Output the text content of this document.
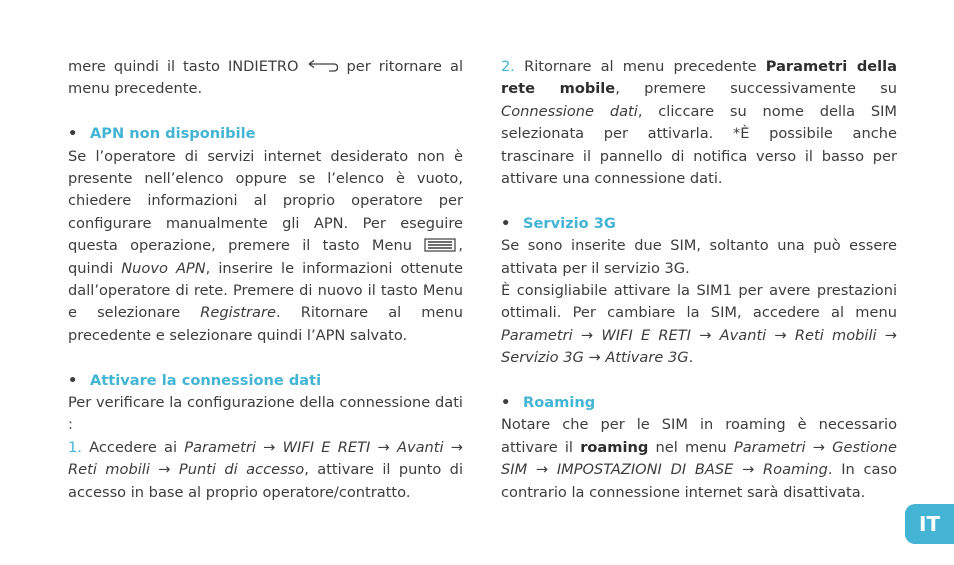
mere quindi il tasto INDIETRO	per ritornare al menu precedente.

• APN non disponibile

Se l’operatore di servizi internet desiderato non è presente nell’elenco oppure se l’elenco è vuoto, chiedere informazioni al proprio operatore per configurare manualmente gli APN. Per eseguire questa operazione, premere il tasto Menu	, quindi Nuovo APN, inserire le informazioni ottenute dall’operatore di rete. Premere di nuovo il tasto Menu e selezionare Registrare. Ritornare al menu precedente e selezionare quindi l’APN salvato.

• Attivare la connessione dati

Per verificare la configurazione della connessione dati :

1. Accedere ai Parametri → WIFI E RETI → Avanti → Reti mobili → Punti di accesso, attivare il punto di accesso in base al proprio operatore/contratto.

2. Ritornare al menu precedente Parametri della rete mobile, premere successivamente su Connessione dati, cliccare su nome della SIM selezionata per attivarla. *È possibile anche trascinare il pannello di notifica verso il basso per attivare una connessione dati.

• Servizio 3G

Se sono inserite due SIM, soltanto una può essere attivata per il servizio 3G.

È consigliabile attivare la SIM1 per avere prestazioni ottimali. Per cambiare la SIM, accedere al menu Parametri → WIFI E RETI → Avanti → Reti mobili → Servizio 3G → Attivare 3G.

• Roaming

Notare che per le SIM in roaming è necessario attivare il roaming nel menu Parametri → Gestione SIM → IMPOSTAZIONI DI BASE → Roaming. In caso contrario la connessione internet sarà disattivata.

IT
